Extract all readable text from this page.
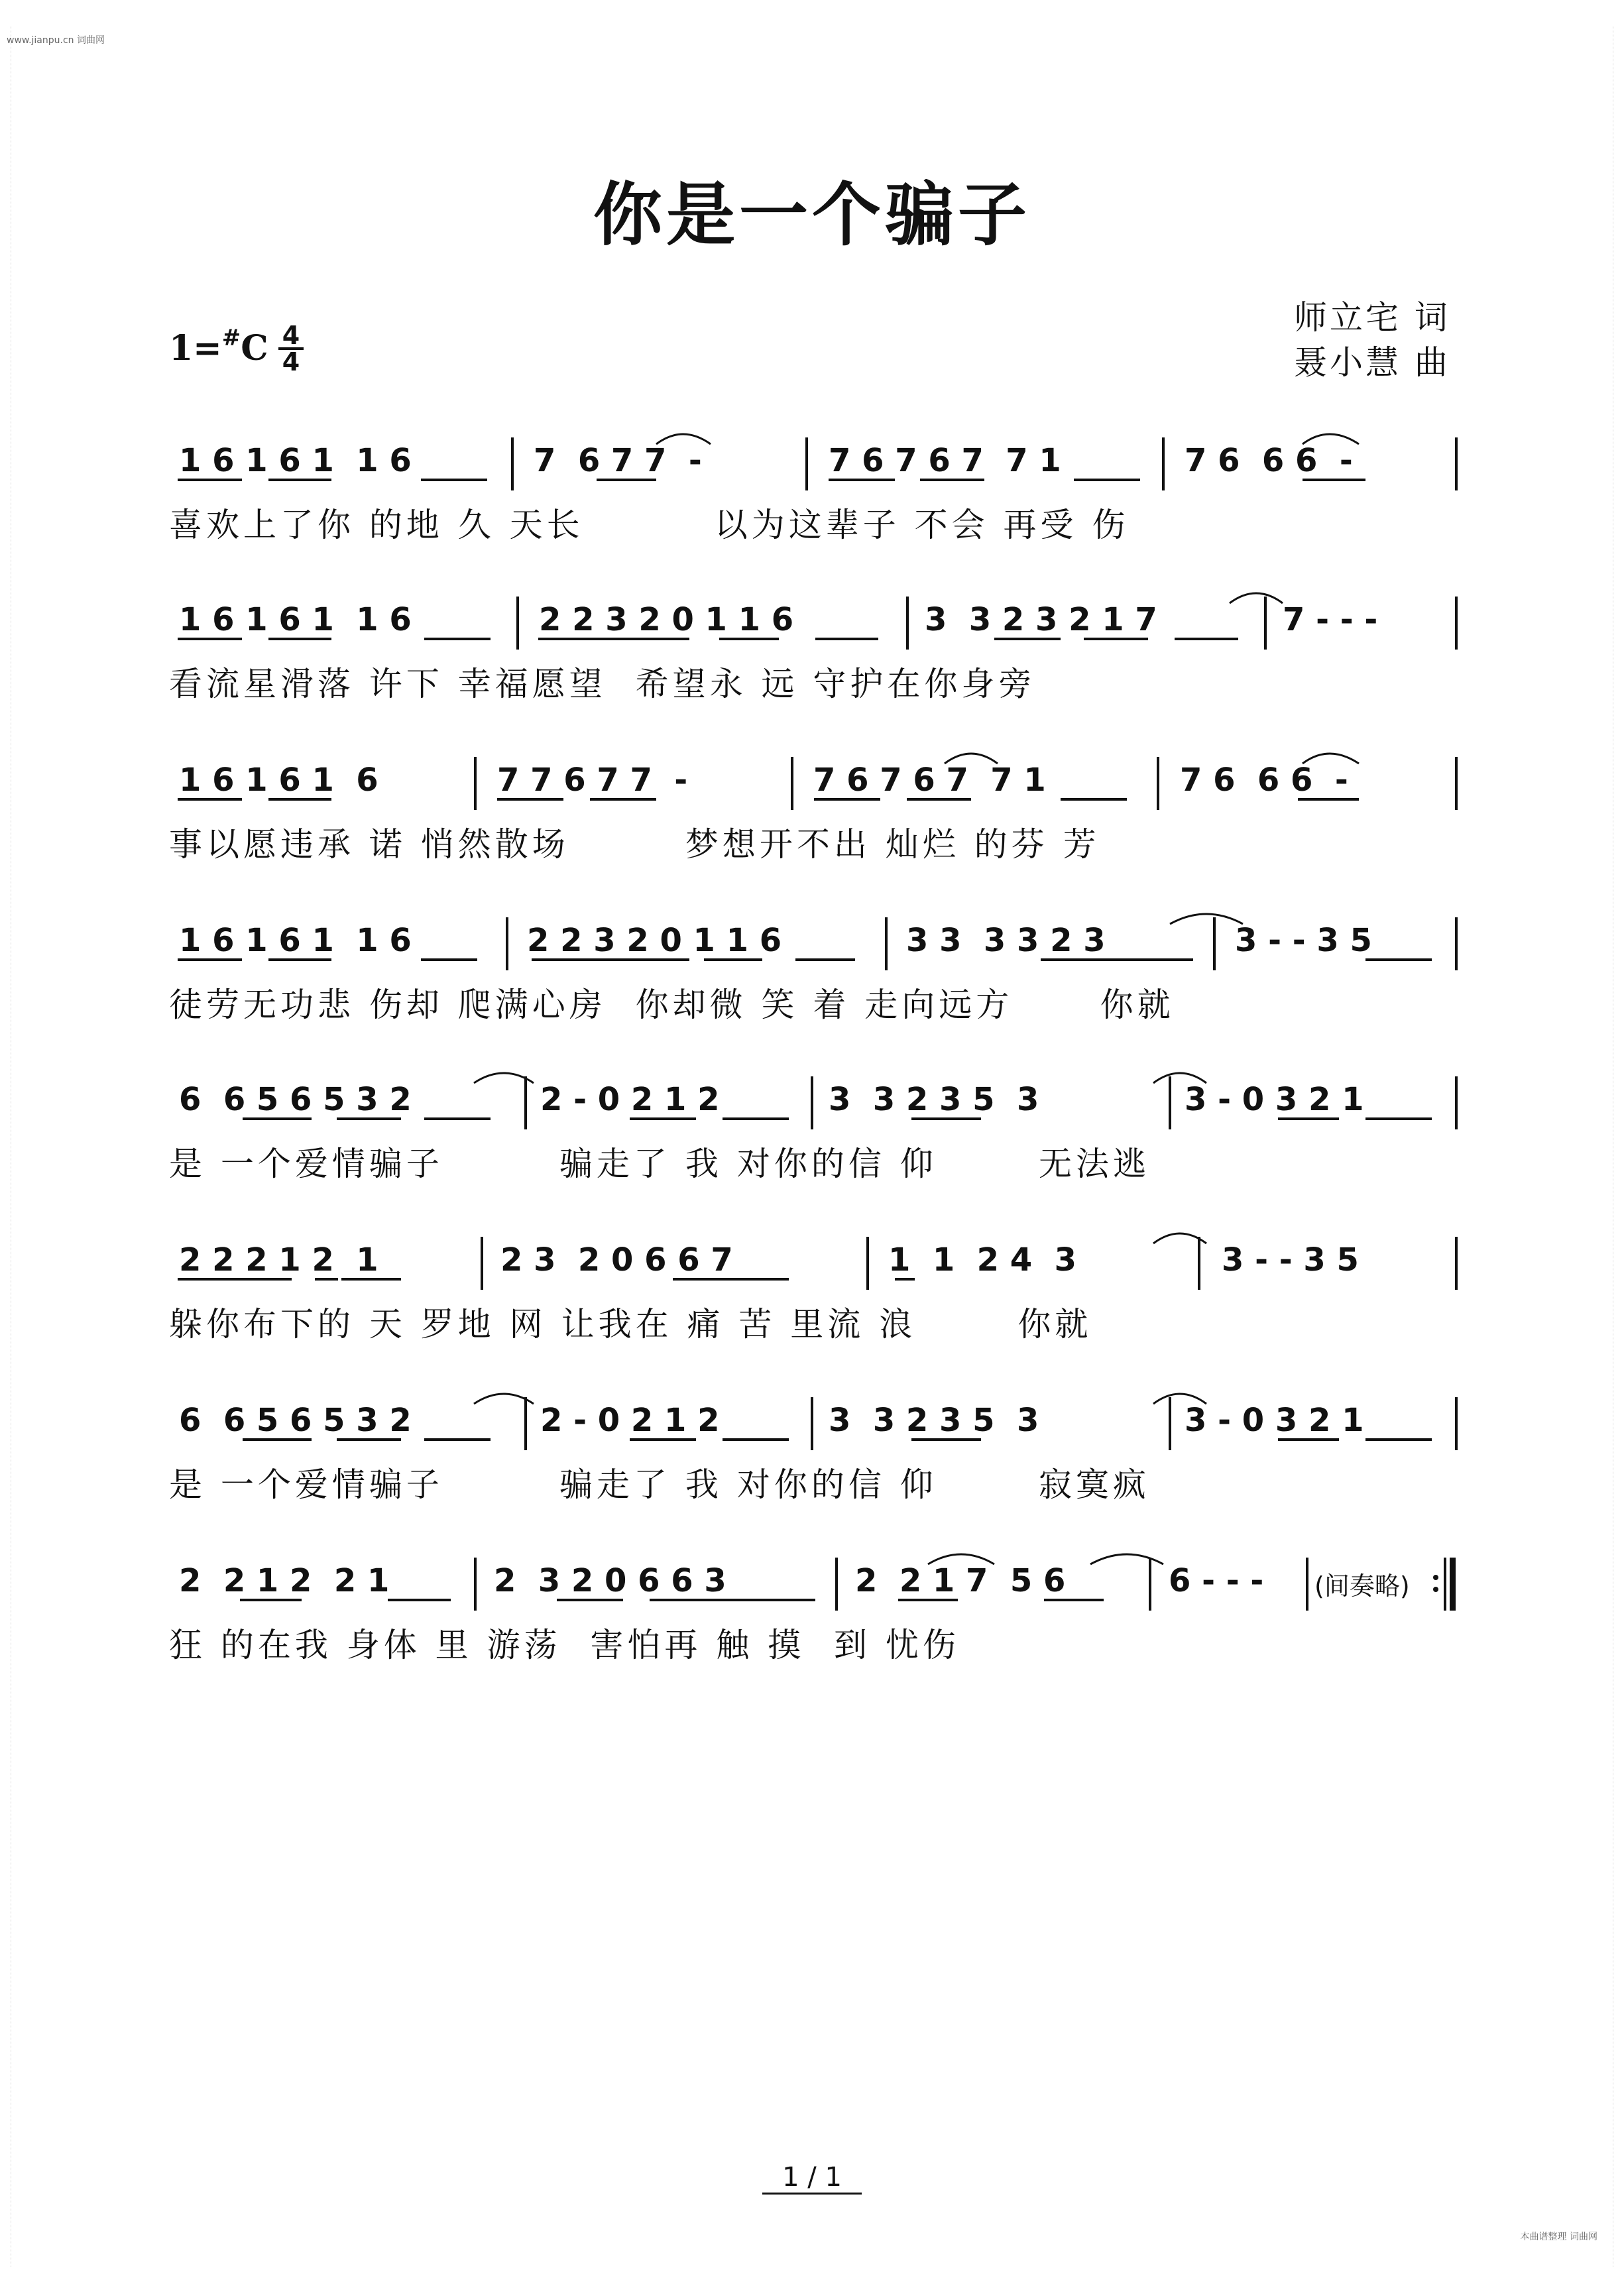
www.jianpu.cn 词曲网
本曲谱整理 词曲网
你是一个骗子
师立宅 词
聂小慧 曲
$1=^{\#}C \frac{4}{4}$
1 6 1 6 1  1 6	7  6 7 7  -	7 6 7 6 7  7 1	7 6  6 6  -
喜欢上了你 的地 久 天长         以为这辈子 不会 再受 伤
1 6 1 6 1  1 6	2 2 3 2 0 1 1 6	3  3 2 3 2 1 7	7 - - -
看流星滑落 许下 幸福愿望  希望永 远 守护在你身旁
1 6 1 6 1  6	7 7 6 7 7  -	7 6 7 6 7  7 1	7 6  6 6  -
事以愿违承 诺 悄然散场        梦想开不出 灿烂 的芬 芳
1 6 1 6 1  1 6	2 2 3 2 0 1 1 6	3 3  3 3 2 3	3 - - 3 5
徒劳无功悲 伤却 爬满心房  你却微 笑 着 走向远方      你就
6  6 5 6 5 3 2	2 - 0 2 1 2	3  3 2 3 5  3	3 - 0 3 2 1
是 一个爱情骗子        骗走了 我 对你的信 仰       无法逃
2 2 2 1 2  1	2 3  2 0 6 6 7	1  1  2 4  3	3 - - 3 5
躲你布下的 天 罗地 网 让我在 痛 苦 里流 浪       你就
6  6 5 6 5 3 2	2 - 0 2 1 2	3  3 2 3 5  3	3 - 0 3 2 1
是 一个爱情骗子        骗走了 我 对你的信 仰       寂寞疯
2  2 1 2  2 1	2  3 2 0 6 6 3	2  2 1 7  5 6	6 - - - (间奏略)
狂 的在我 身体 里 游荡  害怕再 触 摸  到 忧伤
1 / 1
